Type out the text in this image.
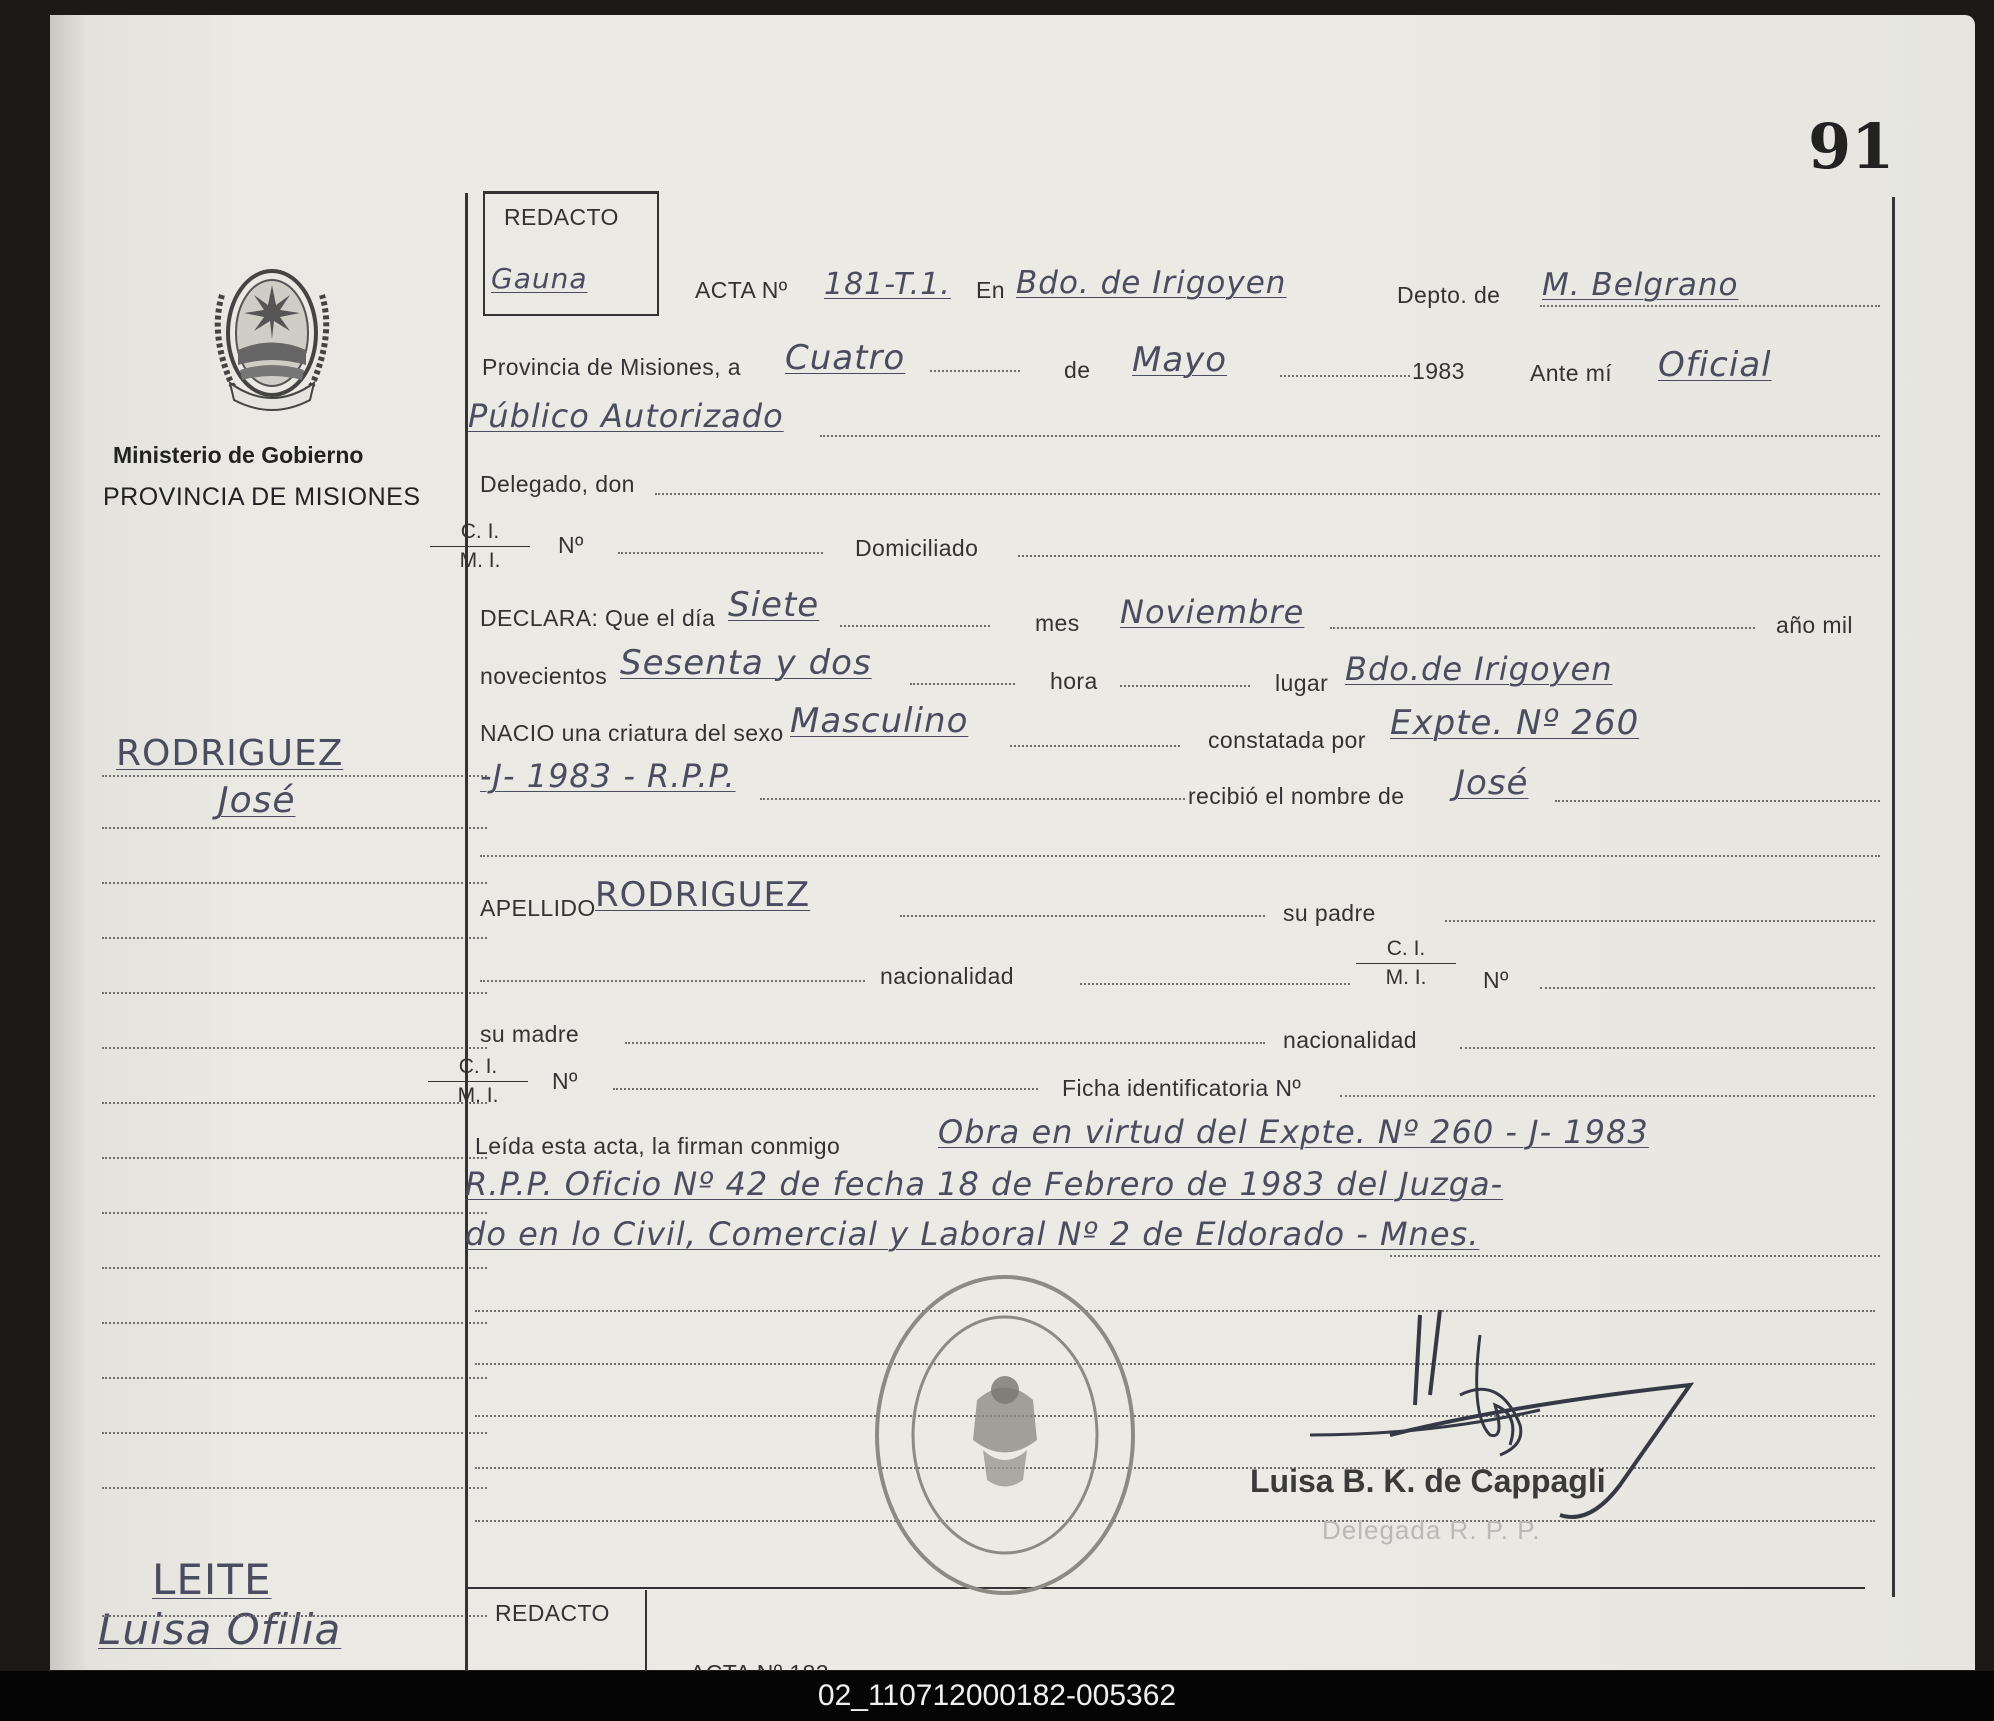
91
Ministerio de Gobierno
PROVINCIA DE MISIONES
RODRIGUEZ
José
LEITE
Luisa Ofilia
REDACTO
Gauna	ACTA Nº 181-T.1. En Bdo. de Irigoyen	Depto. de M. Belgrano
Provincia de Misiones, a Cuatro	de Mayo	1983	Ante mí Oficial
Público Autorizado
Delegado, don
$\frac{C. I.}{M. I.}$ Nº	Domiciliado
DECLARA: Que el día Siete	mes Noviembre	año mil
novecientos Sesenta y dos	hora	lugar Bdo.de Irigoyen
NACIO una criatura del sexo Masculino	constatada por Expte. Nº 260
-J- 1983 - R.P.P.
recibió el nombre de José
APELLIDO RODRIGUEZ	su padre
nacionalidad	$\frac{C. I.}{M. I.}$ Nº
su madre	nacionalidad
$\frac{C. I.}{M. I.}$ Nº	Ficha identificatoria Nº
Leída esta acta, la firman conmigo	Obra en virtud del Expte. Nº 260 - J- 1983
R.P.P. Oficio Nº 42 de fecha 18 de Febrero de 1983 del Juzga-
do en lo Civil, Comercial y Laboral Nº 2 de Eldorado - Mnes.
Luisa B. K. de Cappagli
Delegada R. P. P.
REDACTO
02_110712000182-005362
